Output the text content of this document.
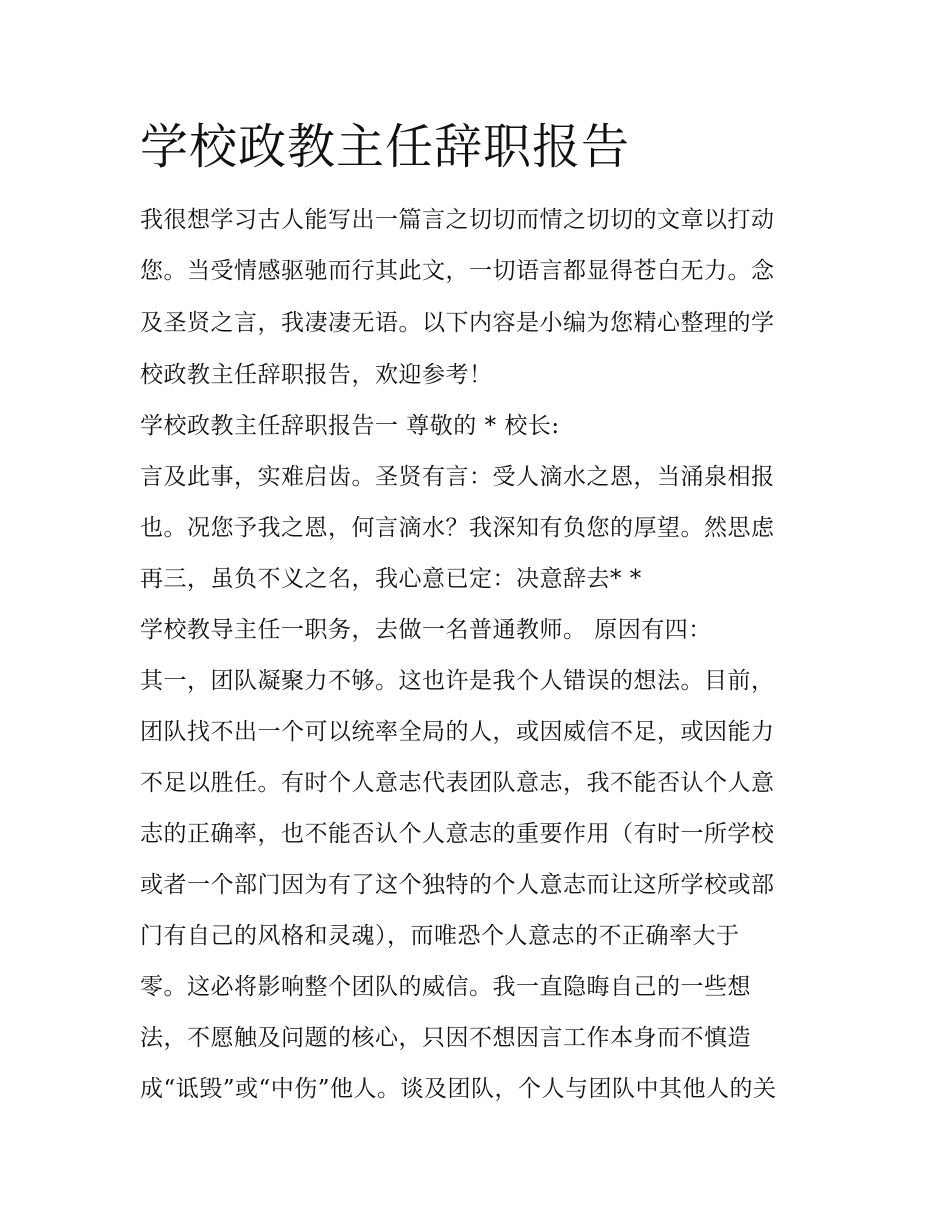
学校政教主任辞职报告

我很想学习古人能写出一篇言之切切而情之切切的文章以打动

您。当受情感驱驰而行其此文，一切语言都显得苍白无力。念

及圣贤之言，我凄凄无语。以下内容是小编为您精心整理的学

校政教主任辞职报告，欢迎参考！

学校政教主任辞职报告一 尊敬的 * 校长:

言及此事，实难启齿。圣贤有言：受人滴水之恩，当涌泉相报

也。况您予我之恩，何言滴水？我深知有负您的厚望。然思虑

再三，虽负不义之名，我心意已定：决意辞去* *

学校教导主任一职务，去做一名普通教师。 原因有四：

其一，团队凝聚力不够。这也许是我个人错误的想法。目前，

团队找不出一个可以统率全局的人，或因威信不足，或因能力

不足以胜任。有时个人意志代表团队意志，我不能否认个人意

志的正确率，也不能否认个人意志的重要作用（有时一所学校

或者一个部门因为有了这个独特的个人意志而让这所学校或部

门有自己的风格和灵魂），而唯恐个人意志的不正确率大于

零。这必将影响整个团队的威信。我一直隐晦自己的一些想

法，不愿触及问题的核心，只因不想因言工作本身而不慎造

成“诋毁”或“中伤”他人。谈及团队，个人与团队中其他人的关
